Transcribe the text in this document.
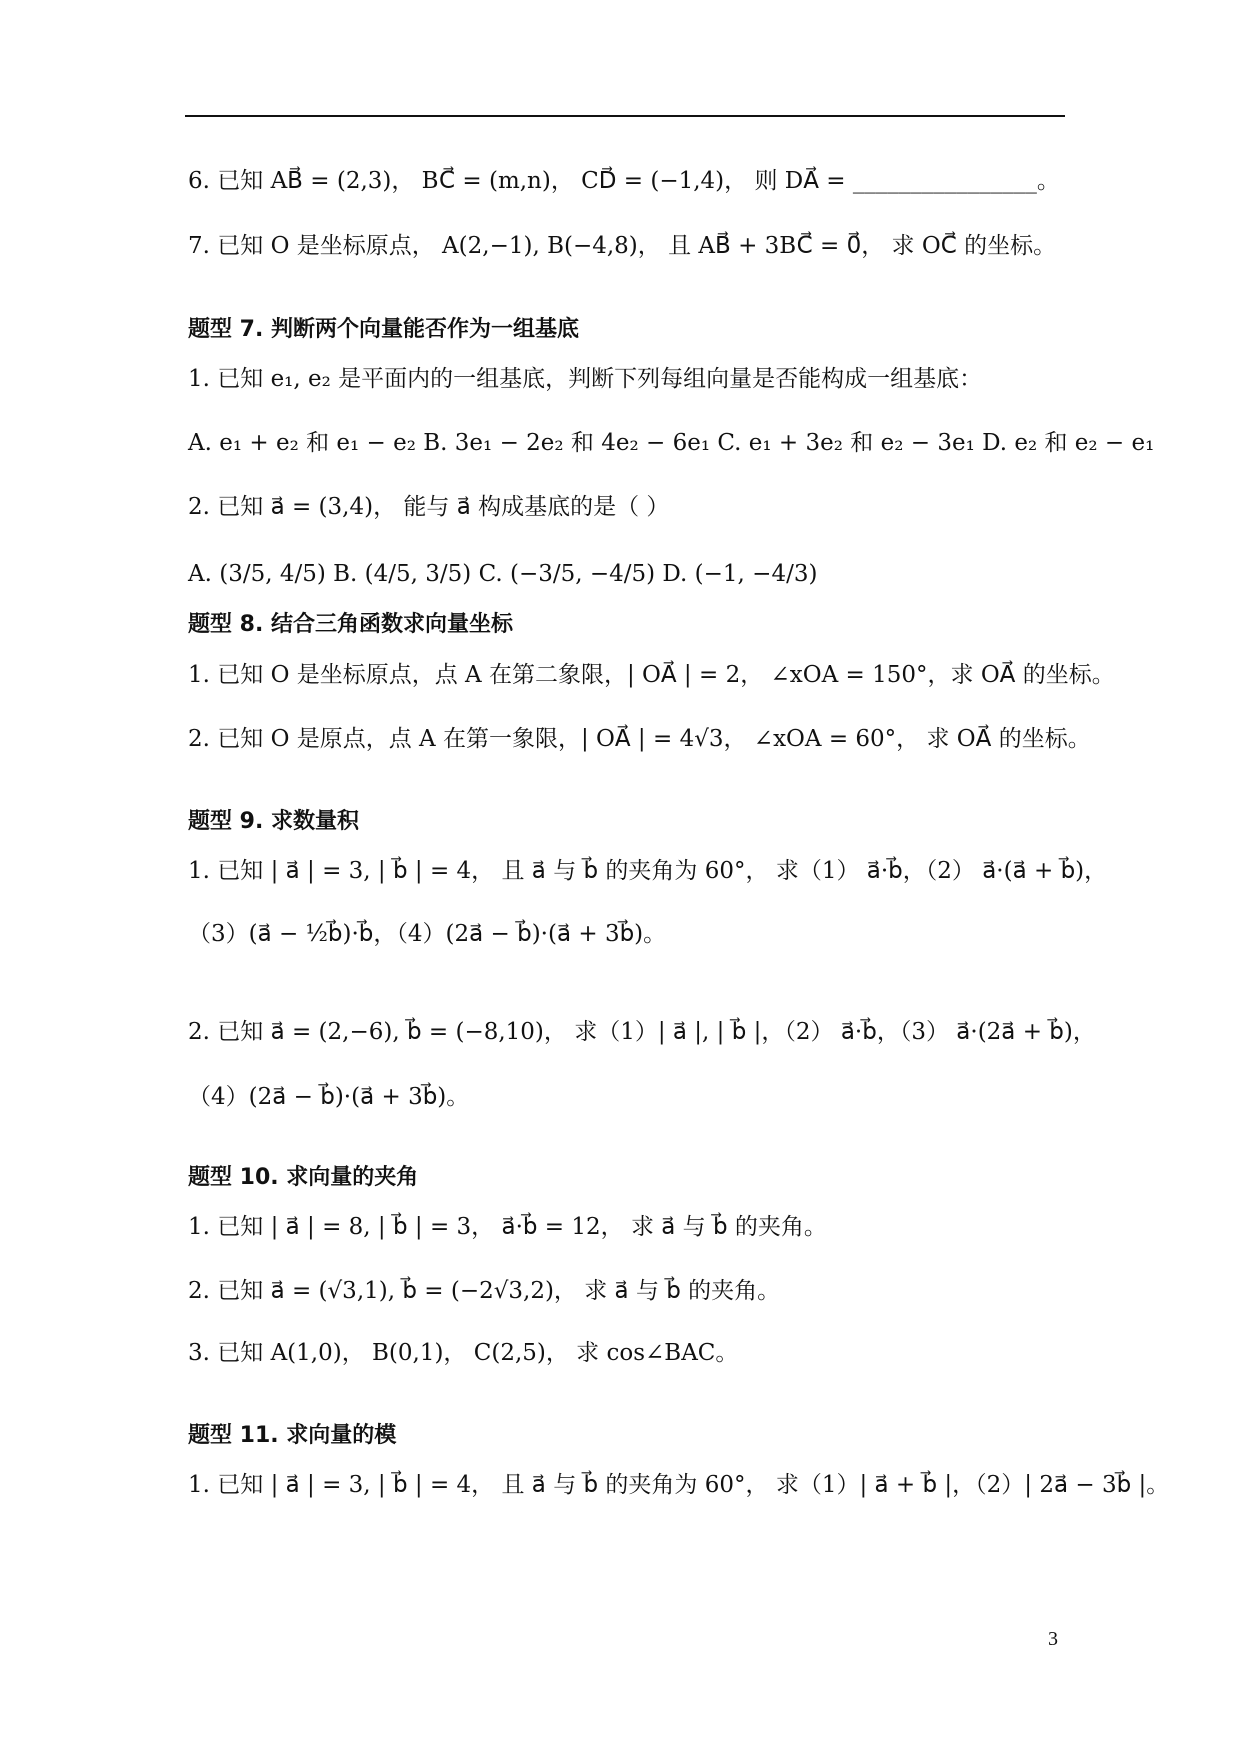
6. 已知 AB⃗ = (2,3)， BC⃗ = (m,n)， CD⃗ = (−1,4)， 则 DA⃗ = ________________。
7. 已知 O 是坐标原点， A(2,−1), B(−4,8)， 且 AB⃗ + 3BC⃗ = 0⃗， 求 OC⃗ 的坐标。
题型 7. 判断两个向量能否作为一组基底
1. 已知 e₁, e₂ 是平面内的一组基底，判断下列每组向量是否能构成一组基底：
A. e₁ + e₂ 和 e₁ − e₂ B. 3e₁ − 2e₂ 和 4e₂ − 6e₁ C. e₁ + 3e₂ 和 e₂ − 3e₁ D. e₂ 和 e₂ − e₁
2. 已知 a⃗ = (3,4)， 能与 a⃗ 构成基底的是（ ）
A. (3/5, 4/5) B. (4/5, 3/5) C. (−3/5, −4/5) D. (−1, −4/3)
题型 8. 结合三角函数求向量坐标
1. 已知 O 是坐标原点，点 A 在第二象限，| OA⃗ | = 2， ∠xOA = 150°，求 OA⃗ 的坐标。
2. 已知 O 是原点，点 A 在第一象限，| OA⃗ | = 4√3， ∠xOA = 60°， 求 OA⃗ 的坐标。
题型 9. 求数量积
1. 已知 | a⃗ | = 3, | b⃗ | = 4， 且 a⃗ 与 b⃗ 的夹角为 60°， 求（1） a⃗·b⃗，（2） a⃗·(a⃗ + b⃗)，
（3）(a⃗ − ½b⃗)·b⃗，（4）(2a⃗ − b⃗)·(a⃗ + 3b⃗)。
2. 已知 a⃗ = (2,−6), b⃗ = (−8,10)， 求（1）| a⃗ |, | b⃗ |，（2） a⃗·b⃗，（3） a⃗·(2a⃗ + b⃗)，
（4）(2a⃗ − b⃗)·(a⃗ + 3b⃗)。
题型 10. 求向量的夹角
1. 已知 | a⃗ | = 8, | b⃗ | = 3， a⃗·b⃗ = 12， 求 a⃗ 与 b⃗ 的夹角。
2. 已知 a⃗ = (√3,1), b⃗ = (−2√3,2)， 求 a⃗ 与 b⃗ 的夹角。
3. 已知 A(1,0)， B(0,1)， C(2,5)， 求 cos∠BAC。
题型 11. 求向量的模
1. 已知 | a⃗ | = 3, | b⃗ | = 4， 且 a⃗ 与 b⃗ 的夹角为 60°， 求（1）| a⃗ + b⃗ |，（2）| 2a⃗ − 3b⃗ |。
3
